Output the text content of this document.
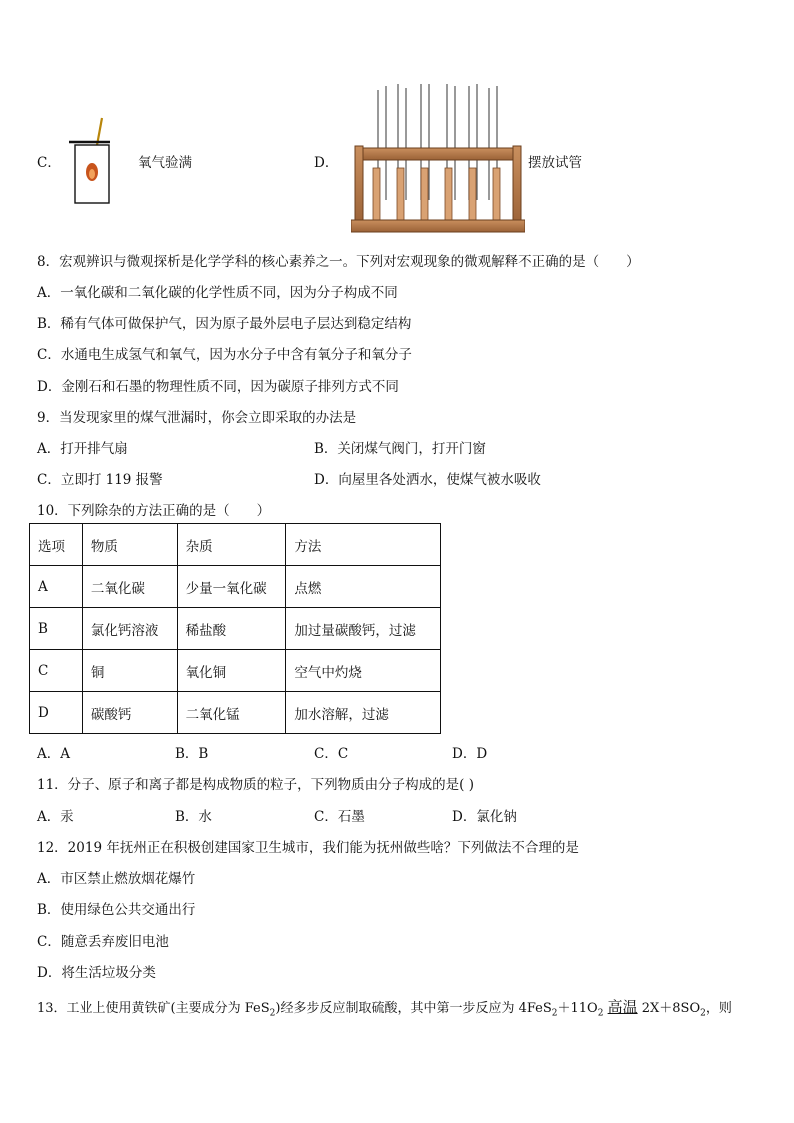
C．	氧气验满	D．	摆放试管
8．宏观辨识与微观探析是化学学科的核心素养之一。下列对宏观现象的微观解释不正确的是（　　）
A．一氧化碳和二氧化碳的化学性质不同，因为分子构成不同
B．稀有气体可做保护气，因为原子最外层电子层达到稳定结构
C．水通电生成氢气和氧气，因为水分子中含有氧分子和氧分子
D．金刚石和石墨的物理性质不同，因为碳原子排列方式不同
9．当发现家里的煤气泄漏时，你会立即采取的办法是
A．打开排气扇	B．关闭煤气阀门，打开门窗
C．立即打 119 报警	D．向屋里各处洒水，使煤气被水吸收
10．下列除杂的方法正确的是（　　）
选项	物质	杂质	方法
A	二氧化碳	少量一氧化碳	点燃
B	氯化钙溶液	稀盐酸	加过量碳酸钙，过滤
C	铜	氧化铜	空气中灼烧
D	碳酸钙	二氧化锰	加水溶解，过滤
A．A	B．B	C．C	D．D
11．分子、原子和离子都是构成物质的粒子，下列物质由分子构成的是( )
A．汞	B．水	C．石墨	D．氯化钠
12．2019 年抚州正在积极创建国家卫生城市，我们能为抚州做些啥？下列做法不合理的是
A．市区禁止燃放烟花爆竹
B．使用绿色公共交通出行
C．随意丢弃废旧电池
D．将生活垃圾分类
13．工业上使用黄铁矿(主要成分为 FeS$_2$)经多步反应制取硫酸，其中第一步反应为 $4FeS_2+11O_2$ 高温 $2X+8SO_2$，则
